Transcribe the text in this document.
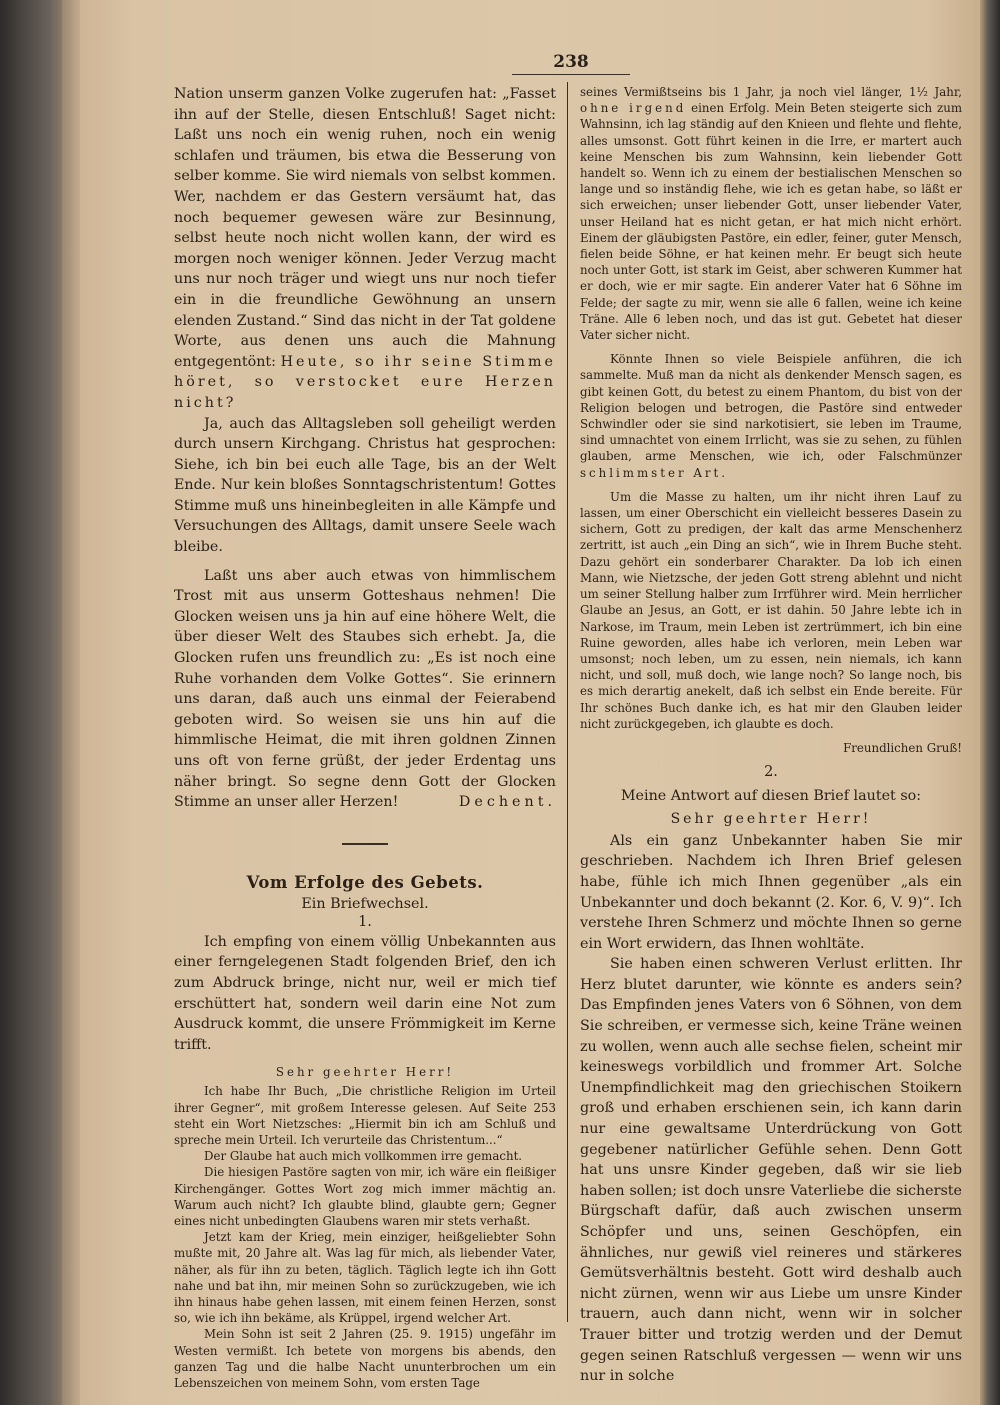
238

Nation unserm ganzen Volke zugerufen hat: „Fasset ihn auf der Stelle, diesen Entschluß! Saget nicht: Laßt uns noch ein wenig ruhen, noch ein wenig schlafen und träumen, bis etwa die Besserung von selber komme. Sie wird niemals von selbst kommen. Wer, nachdem er das Gestern versäumt hat, das noch bequemer gewesen wäre zur Besinnung, selbst heute noch nicht wollen kann, der wird es morgen noch weniger können. Jeder Verzug macht uns nur noch träger und wiegt uns nur noch tiefer ein in die freundliche Gewöhnung an unsern elenden Zustand.“ Sind das nicht in der Tat goldene Worte, aus denen uns auch die Mahnung entgegentönt: Heute, so ihr seine Stimme höret, so verstocket eure Herzen nicht?

Ja, auch das Alltagsleben soll geheiligt werden durch unsern Kirchgang. Christus hat gesprochen: Siehe, ich bin bei euch alle Tage, bis an der Welt Ende. Nur kein bloßes Sonntagschristentum! Gottes Stimme muß uns hineinbegleiten in alle Kämpfe und Versuchungen des Alltags, damit unsere Seele wach bleibe.

Laßt uns aber auch etwas von himmlischem Trost mit aus unserm Gotteshaus nehmen! Die Glocken weisen uns ja hin auf eine höhere Welt, die über dieser Welt des Staubes sich erhebt. Ja, die Glocken rufen uns freundlich zu: „Es ist noch eine Ruhe vorhanden dem Volke Gottes“. Sie erinnern uns daran, daß auch uns einmal der Feierabend geboten wird. So weisen sie uns hin auf die himmlische Heimat, die mit ihren goldnen Zinnen uns oft von ferne grüßt, der jeder Erdentag uns näher bringt. So segne denn Gott der Glocken Stimme an unser aller Herzen!	Dechent.

Vom Erfolge des Gebets.
Ein Briefwechsel.
1.

Ich empfing von einem völlig Unbekannten aus einer ferngelegenen Stadt folgenden Brief, den ich zum Abdruck bringe, nicht nur, weil er mich tief erschüttert hat, sondern weil darin eine Not zum Ausdruck kommt, die unsere Frömmigkeit im Kerne trifft.

Sehr geehrter Herr!

Ich habe Ihr Buch, „Die christliche Religion im Urteil ihrer Gegner“, mit großem Interesse gelesen. Auf Seite 253 steht ein Wort Nietzsches: „Hiermit bin ich am Schluß und spreche mein Urteil. Ich verurteile das Christentum...“

Der Glaube hat auch mich vollkommen irre gemacht.

Die hiesigen Pastöre sagten von mir, ich wäre ein fleißiger Kirchengänger. Gottes Wort zog mich immer mächtig an. Warum auch nicht? Ich glaubte blind, glaubte gern; Gegner eines nicht unbedingten Glaubens waren mir stets verhaßt.

Jetzt kam der Krieg, mein einziger, heißgeliebter Sohn mußte mit, 20 Jahre alt. Was lag für mich, als liebender Vater, näher, als für ihn zu beten, täglich. Täglich legte ich ihn Gott nahe und bat ihn, mir meinen Sohn so zurückzugeben, wie ich ihn hinaus habe gehen lassen, mit einem feinen Herzen, sonst so, wie ich ihn bekäme, als Krüppel, irgend welcher Art.

Mein Sohn ist seit 2 Jahren (25. 9. 1915) ungefähr im Westen vermißt. Ich betete von morgens bis abends, den ganzen Tag und die halbe Nacht ununterbrochen um ein Lebenszeichen von meinem Sohn, vom ersten Tage

seines Vermißtseins bis 1 Jahr, ja noch viel länger, 1½ Jahr, ohne irgend einen Erfolg. Mein Beten steigerte sich zum Wahnsinn, ich lag ständig auf den Knieen und flehte und flehte, alles umsonst. Gott führt keinen in die Irre, er martert auch keine Menschen bis zum Wahnsinn, kein liebender Gott handelt so. Wenn ich zu einem der bestialischen Menschen so lange und so inständig flehe, wie ich es getan habe, so läßt er sich erweichen; unser liebender Gott, unser liebender Vater, unser Heiland hat es nicht getan, er hat mich nicht erhört. Einem der gläubigsten Pastöre, ein edler, feiner, guter Mensch, fielen beide Söhne, er hat keinen mehr. Er beugt sich heute noch unter Gott, ist stark im Geist, aber schweren Kummer hat er doch, wie er mir sagte. Ein anderer Vater hat 6 Söhne im Felde; der sagte zu mir, wenn sie alle 6 fallen, weine ich keine Träne. Alle 6 leben noch, und das ist gut. Gebetet hat dieser Vater sicher nicht.

Könnte Ihnen so viele Beispiele anführen, die ich sammelte. Muß man da nicht als denkender Mensch sagen, es gibt keinen Gott, du betest zu einem Phantom, du bist von der Religion belogen und betrogen, die Pastöre sind entweder Schwindler oder sie sind narkotisiert, sie leben im Traume, sind umnachtet von einem Irrlicht, was sie zu sehen, zu fühlen glauben, arme Menschen, wie ich, oder Falschmünzer schlimmster Art.

Um die Masse zu halten, um ihr nicht ihren Lauf zu lassen, um einer Oberschicht ein vielleicht besseres Dasein zu sichern, Gott zu predigen, der kalt das arme Menschenherz zertritt, ist auch „ein Ding an sich“, wie in Ihrem Buche steht. Dazu gehört ein sonderbarer Charakter. Da lob ich einen Mann, wie Nietzsche, der jeden Gott streng ablehnt und nicht um seiner Stellung halber zum Irrführer wird. Mein herrlicher Glaube an Jesus, an Gott, er ist dahin. 50 Jahre lebte ich in Narkose, im Traum, mein Leben ist zertrümmert, ich bin eine Ruine geworden, alles habe ich verloren, mein Leben war umsonst; noch leben, um zu essen, nein niemals, ich kann nicht, und soll, muß doch, wie lange noch? So lange noch, bis es mich derartig anekelt, daß ich selbst ein Ende bereite. Für Ihr schönes Buch danke ich, es hat mir den Glauben leider nicht zurückgegeben, ich glaubte es doch.

Freundlichen Gruß!

2.

Meine Antwort auf diesen Brief lautet so:

Sehr geehrter Herr!

Als ein ganz Unbekannter haben Sie mir geschrieben. Nachdem ich Ihren Brief gelesen habe, fühle ich mich Ihnen gegenüber „als ein Unbekannter und doch bekannt (2. Kor. 6, V. 9)“. Ich verstehe Ihren Schmerz und möchte Ihnen so gerne ein Wort erwidern, das Ihnen wohltäte.

Sie haben einen schweren Verlust erlitten. Ihr Herz blutet darunter, wie könnte es anders sein? Das Empfinden jenes Vaters von 6 Söhnen, von dem Sie schreiben, er vermesse sich, keine Träne weinen zu wollen, wenn auch alle sechse fielen, scheint mir keineswegs vorbildlich und frommer Art. Solche Unempfindlichkeit mag den griechischen Stoikern groß und erhaben erschienen sein, ich kann darin nur eine gewaltsame Unterdrückung von Gott gegebener natürlicher Gefühle sehen. Denn Gott hat uns unsre Kinder gegeben, daß wir sie lieb haben sollen; ist doch unsre Vaterliebe die sicherste Bürgschaft dafür, daß auch zwischen unserm Schöpfer und uns, seinen Geschöpfen, ein ähnliches, nur gewiß viel reineres und stärkeres Gemütsverhältnis besteht. Gott wird deshalb auch nicht zürnen, wenn wir aus Liebe um unsre Kinder trauern, auch dann nicht, wenn wir in solcher Trauer bitter und trotzig werden und der Demut gegen seinen Ratschluß vergessen — wenn wir uns nur in solche
